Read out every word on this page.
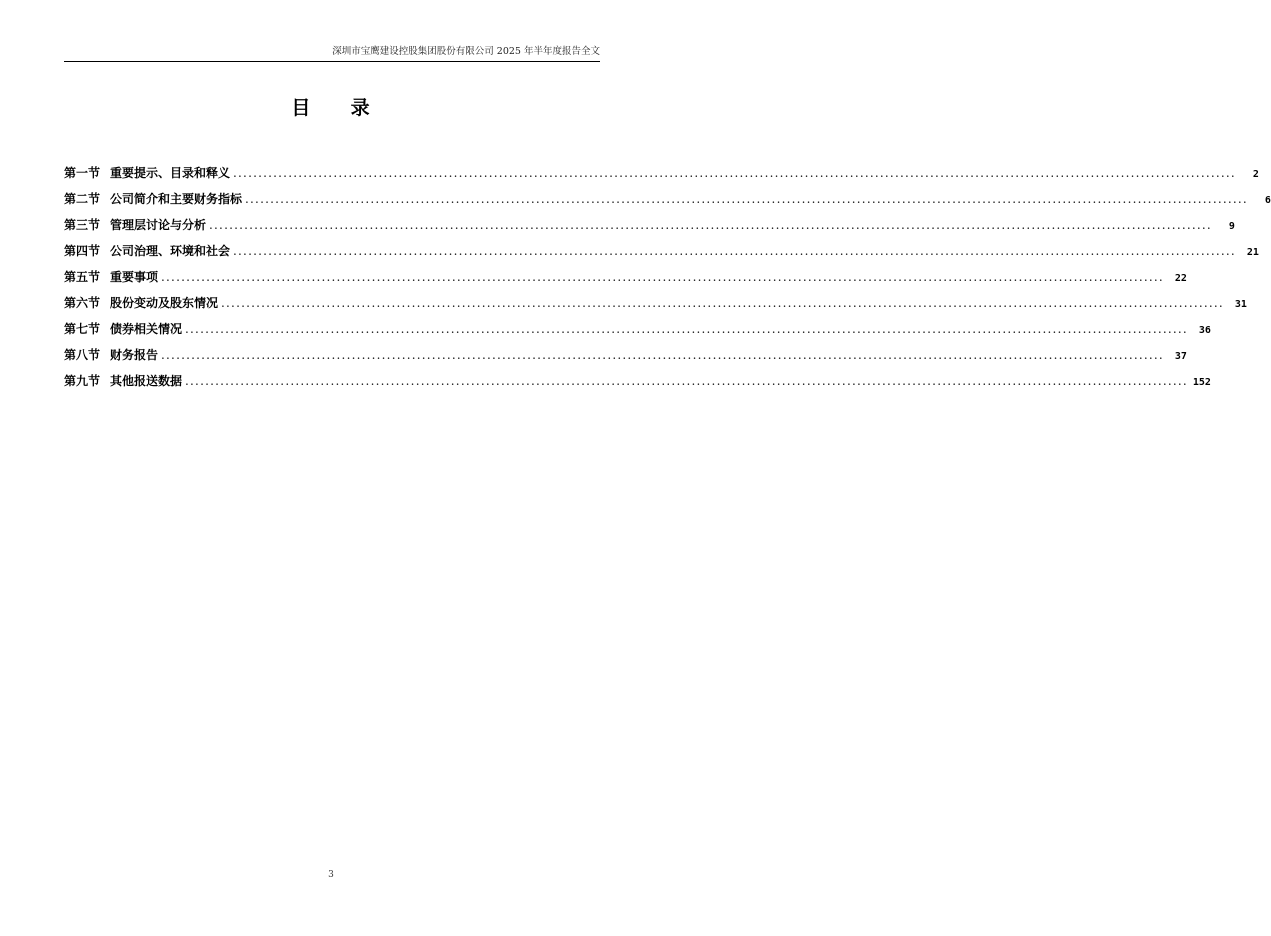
深圳市宝鹰建设控股集团股份有限公司 2025 年半年度报告全文
目  录
第一节 重要提示、目录和释义 ........................................................................................................................................................................................................	2
第二节 公司简介和主要财务指标 ........................................................................................................................................................................................................	6
第三节 管理层讨论与分析 ........................................................................................................................................................................................................	9
第四节 公司治理、环境和社会 ........................................................................................................................................................................................................	21
第五节 重要事项 ........................................................................................................................................................................................................	22
第六节 股份变动及股东情况 ........................................................................................................................................................................................................	31
第七节 债券相关情况 ........................................................................................................................................................................................................	36
第八节 财务报告 ........................................................................................................................................................................................................	37
第九节 其他报送数据 ........................................................................................................................................................................................................ 152
3
